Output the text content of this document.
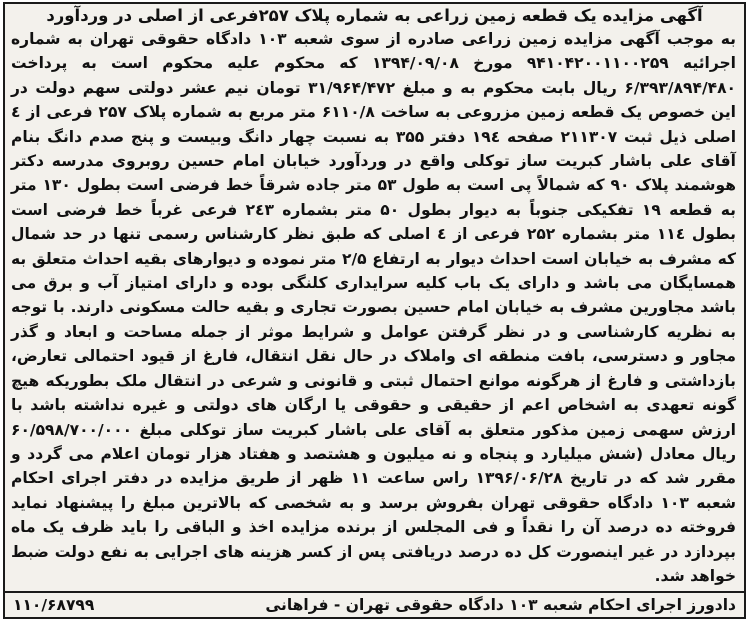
آگهی مزایده یک قطعه زمین زراعی به شماره پلاک ۲۵۷فرعی از اصلی در وردآورد
به موجب آگهی مزایده زمین زراعی صادره از سوی شعبه ۱۰۳ دادگاه حقوقی تهران به شماره اجرائیه ۹۴۱۰۴۲۰۰۱۱۰۰۲۵۹ مورخ ۱۳۹۴/۰۹/۰۸ که محکوم علیه محکوم است به پرداخت ۶/۳۹۳/۸۹۴/۴۸۰ ریال بابت محکوم به و مبلغ ۳۱/۹۶۴/۴۷۲ تومان نیم عشر دولتی سهم دولت در این خصوص یک قطعه زمین مزروعی به ساخت ۶۱۱۰/۸ متر مربع به شماره پلاک ۲۵۷ فرعی از ٤ اصلی ذیل ثبت ۲۱۱۳۰۷ صفحه ۱۹٤ دفتر ۳۵۵ به نسبت چهار دانگ وبیست و پنج صدم دانگ بنام آقای علی باشار کبریت ساز توکلی واقع در وردآورد خیابان امام حسین روبروی مدرسه دکتر هوشمند پلاک ۹۰ که شمالاً پی است به طول ۵۳ متر جاده شرقاً خط فرضی است بطول ۱۳۰ متر به قطعه ۱۹ تفکیکی جنوباً به دیوار بطول ۵۰ متر بشماره ۲٤۳ فرعی غرباً خط فرضی است بطول ۱۱٤ متر بشماره ۲۵۲ فرعی از ٤ اصلی که طبق نظر کارشناس رسمی تنها در حد شمال که مشرف به خیابان است احداث دیوار به ارتفاع ۲/۵ متر نموده و دیوارهای بقیه احداث متعلق به همسایگان می باشد و دارای یک باب کلیه سرایداری کلنگی بوده و دارای امتیاز آب و برق می باشد مجاورین مشرف به خیابان امام حسین بصورت تجاری و بقیه حالت مسکونی دارند. با توجه به نظریه کارشناسی و در نظر گرفتن عوامل و شرایط موثر از جمله مساحت و ابعاد و گذر مجاور و دسترسی، بافت منطقه ای واملاک در حال نقل انتقال، فارغ از قیود احتمالی تعارض، بازداشتی و فارغ از هرگونه موانع احتمال ثبتی و قانونی و شرعی در انتقال ملک بطوریکه هیچ گونه تعهدی به اشخاص اعم از حقیقی و حقوقی یا ارگان های دولتی و غیره نداشته باشد با ارزش سهمی زمین مذکور متعلق به آقای علی باشار کبریت ساز توکلی مبلغ ۶۰/۵۹۸/۷۰۰/۰۰۰ ریال معادل (شش میلیارد و پنجاه و نه میلیون و هشتصد و هفتاد هزار تومان اعلام می گردد و مقرر شد که در تاریخ ۱۳۹۶/۰۶/۲۸ راس ساعت ۱۱ ظهر از طریق مزایده در دفتر اجرای احکام شعبه ۱۰۳ دادگاه حقوقی تهران بفروش برسد و به شخصی که بالاترین مبلغ را پیشنهاد نماید فروخته ده درصد آن را نقداً و فی المجلس از برنده مزایده اخذ و الباقی را باید ظرف یک ماه بپردازد در غیر اینصورت کل ده درصد دریافتی پس از کسر هزینه های اجرایی به نفع دولت ضبط خواهد شد.
۱۱۰/۶۸۷۹۹	دادورز اجرای احکام شعبه ۱۰۳ دادگاه حقوقی تهران - فراهانی
